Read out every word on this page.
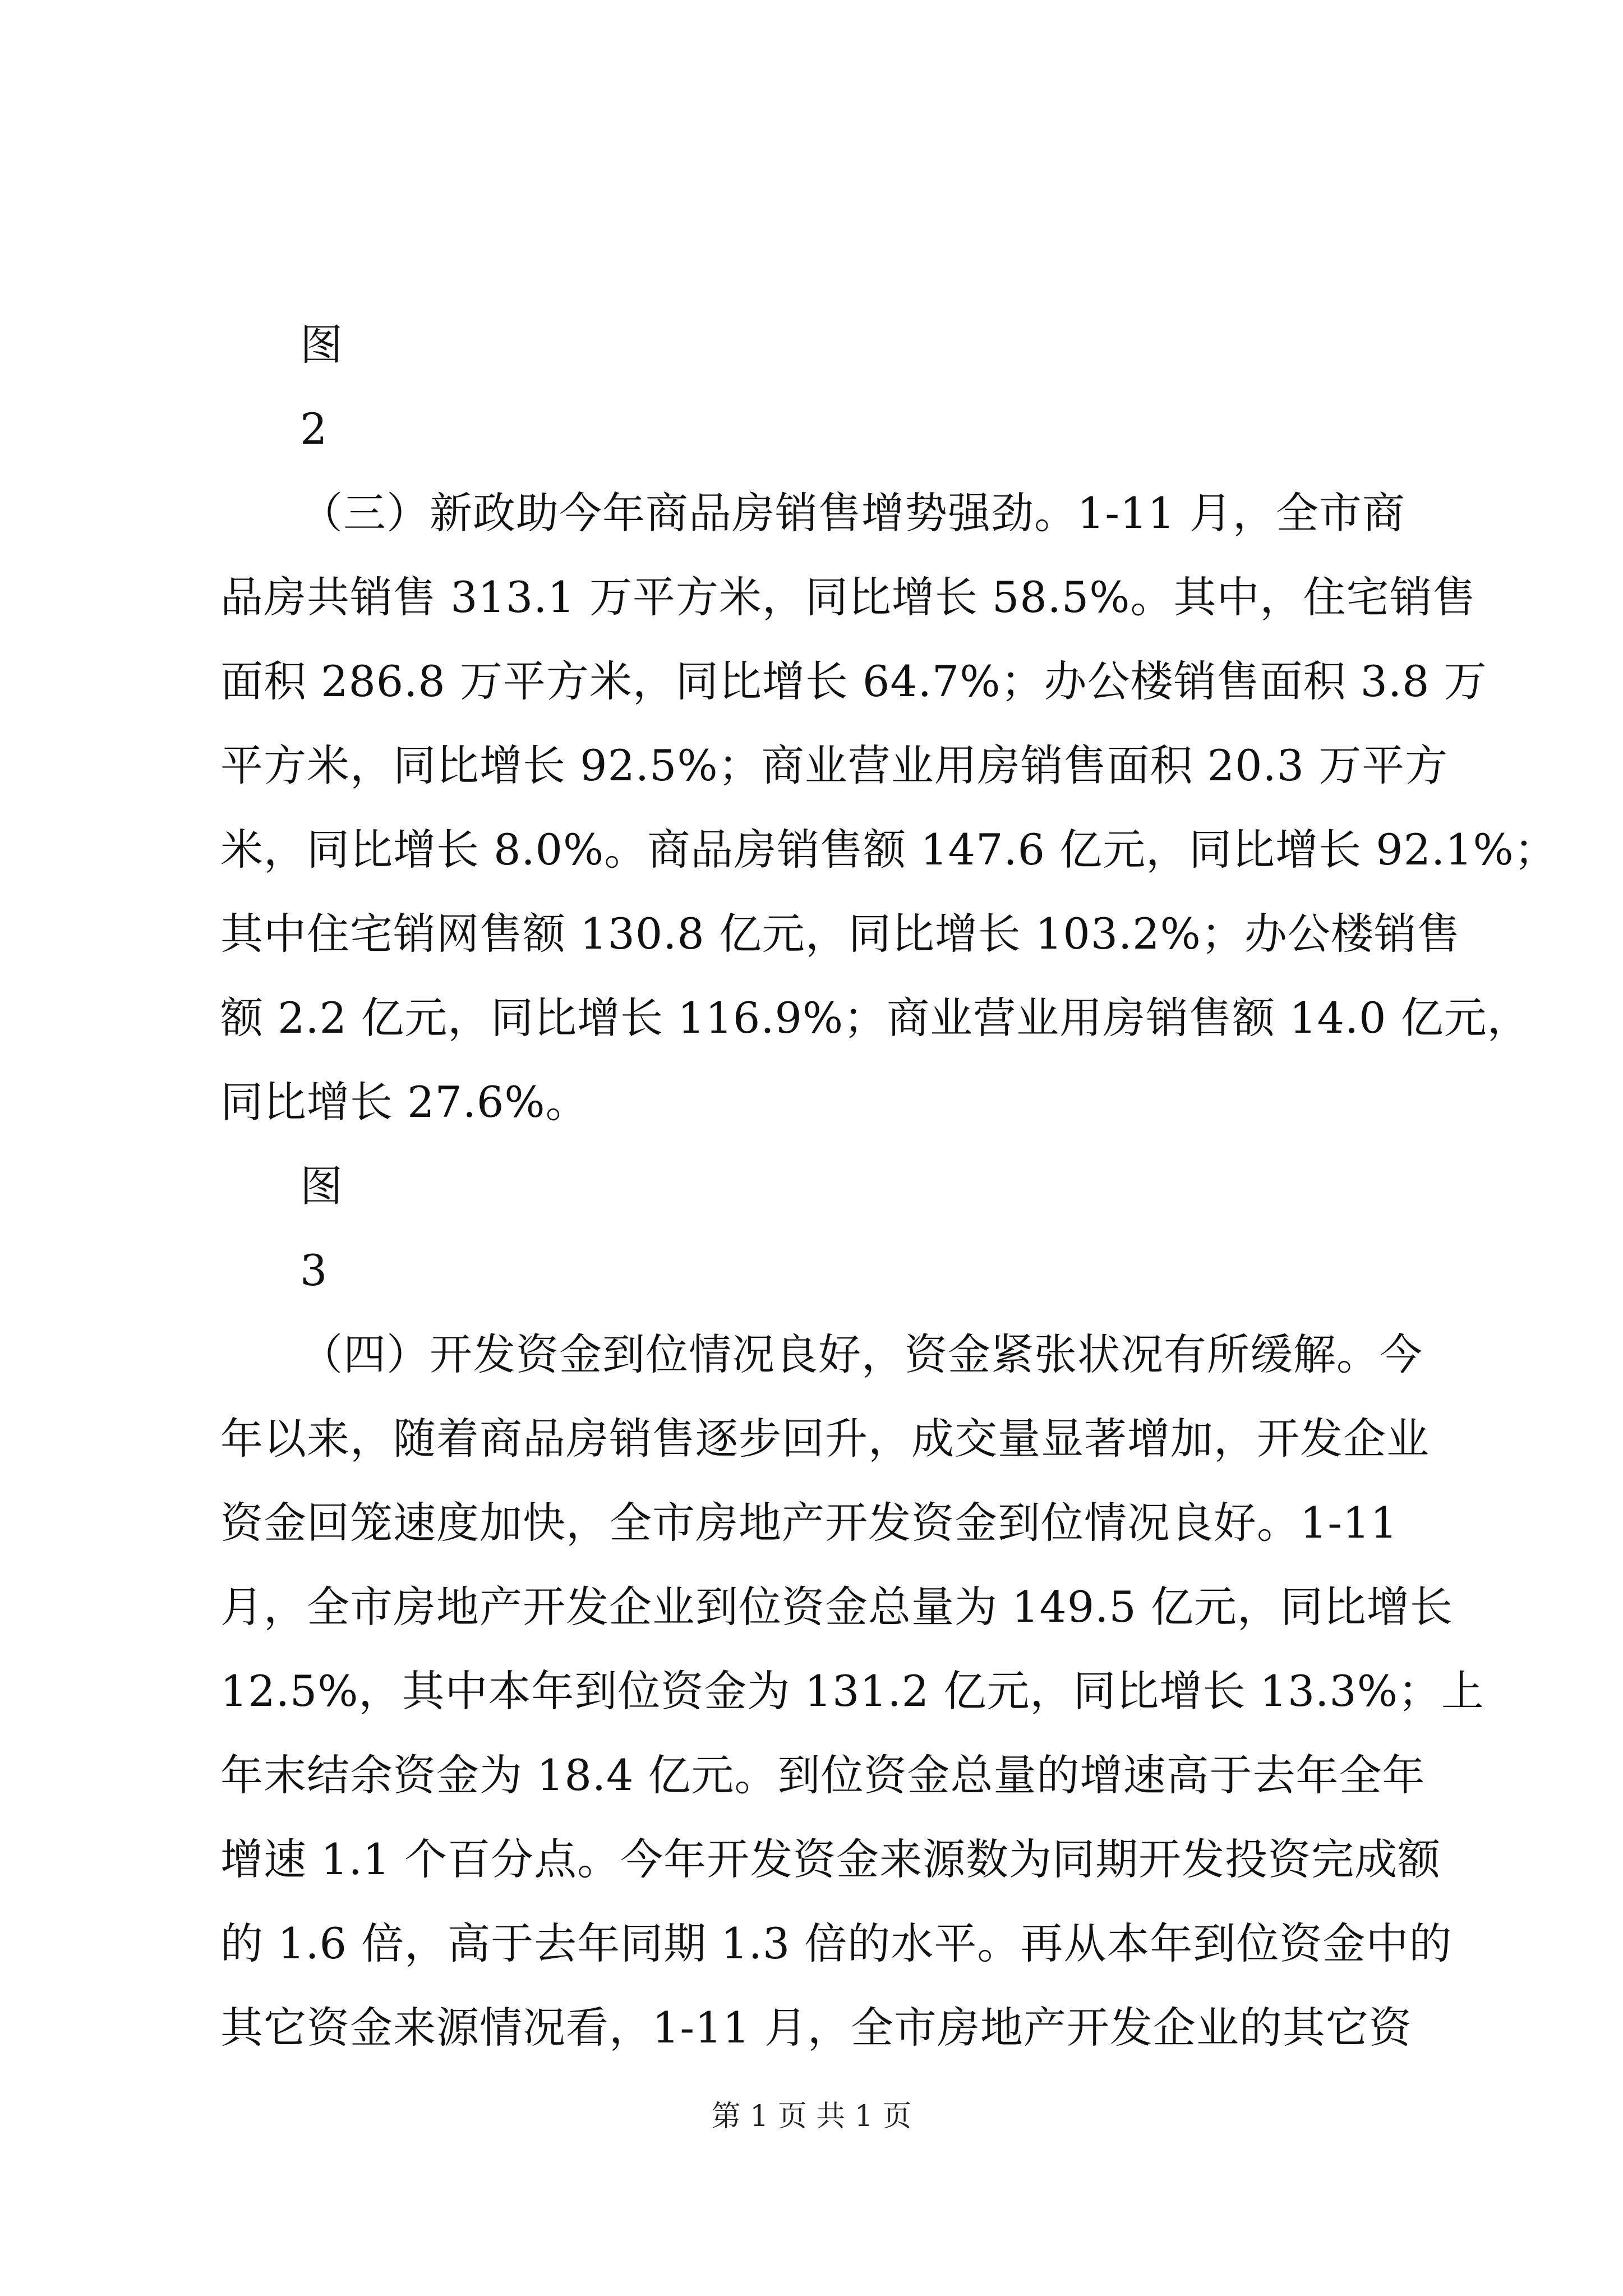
图
2
（三）新政助今年商品房销售增势强劲。1-11 月，全市商
品房共销售 313.1 万平方米，同比增长 58.5%。其中，住宅销售
面积 286.8 万平方米，同比增长 64.7%；办公楼销售面积 3.8 万
平方米，同比增长 92.5%；商业营业用房销售面积 20.3 万平方
米，同比增长 8.0%。商品房销售额 147.6 亿元，同比增长 92.1%；
其中住宅销网售额 130.8 亿元，同比增长 103.2%；办公楼销售
额 2.2 亿元，同比增长 116.9%；商业营业用房销售额 14.0 亿元，
同比增长 27.6%。
图
3
（四）开发资金到位情况良好，资金紧张状况有所缓解。今
年以来，随着商品房销售逐步回升，成交量显著增加，开发企业
资金回笼速度加快，全市房地产开发资金到位情况良好。1-11
月，全市房地产开发企业到位资金总量为 149.5 亿元，同比增长
12.5%，其中本年到位资金为 131.2 亿元，同比增长 13.3%；上
年末结余资金为 18.4 亿元。到位资金总量的增速高于去年全年
增速 1.1 个百分点。今年开发资金来源数为同期开发投资完成额
的 1.6 倍，高于去年同期 1.3 倍的水平。再从本年到位资金中的
其它资金来源情况看，1-11 月，全市房地产开发企业的其它资
第 1 页 共 1 页
